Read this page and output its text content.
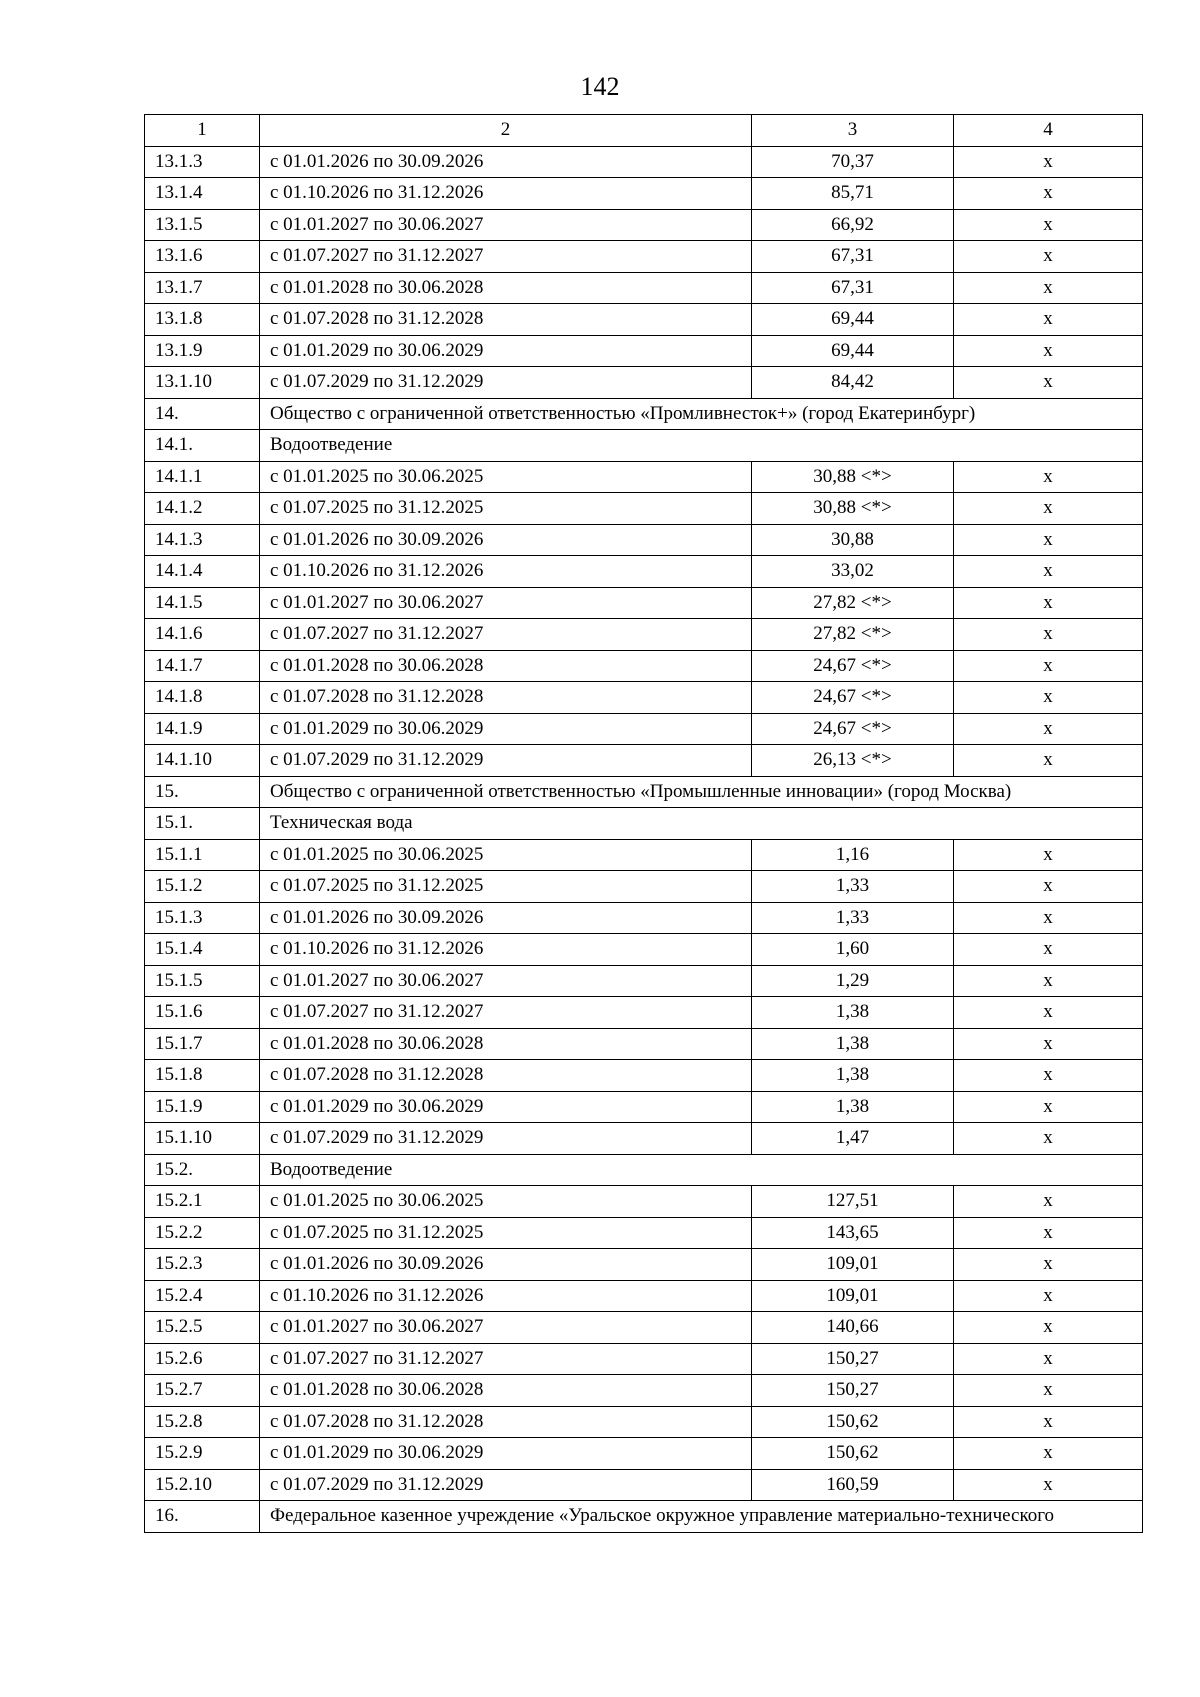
142
1	2	3	4
13.1.3	с 01.01.2026 по 30.09.2026	70,37	х
13.1.4	с 01.10.2026 по 31.12.2026	85,71	х
13.1.5	с 01.01.2027 по 30.06.2027	66,92	х
13.1.6	с 01.07.2027 по 31.12.2027	67,31	х
13.1.7	с 01.01.2028 по 30.06.2028	67,31	х
13.1.8	с 01.07.2028 по 31.12.2028	69,44	х
13.1.9	с 01.01.2029 по 30.06.2029	69,44	х
13.1.10	с 01.07.2029 по 31.12.2029	84,42	х
14.	Общество с ограниченной ответственностью «Промливнесток+» (город Екатеринбург)		
14.1.	Водоотведение		
14.1.1	с 01.01.2025 по 30.06.2025	30,88 <*>	х
14.1.2	с 01.07.2025 по 31.12.2025	30,88 <*>	х
14.1.3	с 01.01.2026 по 30.09.2026	30,88	х
14.1.4	с 01.10.2026 по 31.12.2026	33,02	х
14.1.5	с 01.01.2027 по 30.06.2027	27,82 <*>	х
14.1.6	с 01.07.2027 по 31.12.2027	27,82 <*>	х
14.1.7	с 01.01.2028 по 30.06.2028	24,67 <*>	х
14.1.8	с 01.07.2028 по 31.12.2028	24,67 <*>	х
14.1.9	с 01.01.2029 по 30.06.2029	24,67 <*>	х
14.1.10	с 01.07.2029 по 31.12.2029	26,13 <*>	х
15.	Общество с ограниченной ответственностью «Промышленные инновации» (город Москва)		
15.1.	Техническая вода		
15.1.1	с 01.01.2025 по 30.06.2025	1,16	х
15.1.2	с 01.07.2025 по 31.12.2025	1,33	х
15.1.3	с 01.01.2026 по 30.09.2026	1,33	х
15.1.4	с 01.10.2026 по 31.12.2026	1,60	х
15.1.5	с 01.01.2027 по 30.06.2027	1,29	х
15.1.6	с 01.07.2027 по 31.12.2027	1,38	х
15.1.7	с 01.01.2028 по 30.06.2028	1,38	х
15.1.8	с 01.07.2028 по 31.12.2028	1,38	х
15.1.9	с 01.01.2029 по 30.06.2029	1,38	х
15.1.10	с 01.07.2029 по 31.12.2029	1,47	х
15.2.	Водоотведение		
15.2.1	с 01.01.2025 по 30.06.2025	127,51	х
15.2.2	с 01.07.2025 по 31.12.2025	143,65	х
15.2.3	с 01.01.2026 по 30.09.2026	109,01	х
15.2.4	с 01.10.2026 по 31.12.2026	109,01	х
15.2.5	с 01.01.2027 по 30.06.2027	140,66	х
15.2.6	с 01.07.2027 по 31.12.2027	150,27	х
15.2.7	с 01.01.2028 по 30.06.2028	150,27	х
15.2.8	с 01.07.2028 по 31.12.2028	150,62	х
15.2.9	с 01.01.2029 по 30.06.2029	150,62	х
15.2.10	с 01.07.2029 по 31.12.2029	160,59	х
16.	Федеральное казенное учреждение «Уральское окружное управление материально-технического		
